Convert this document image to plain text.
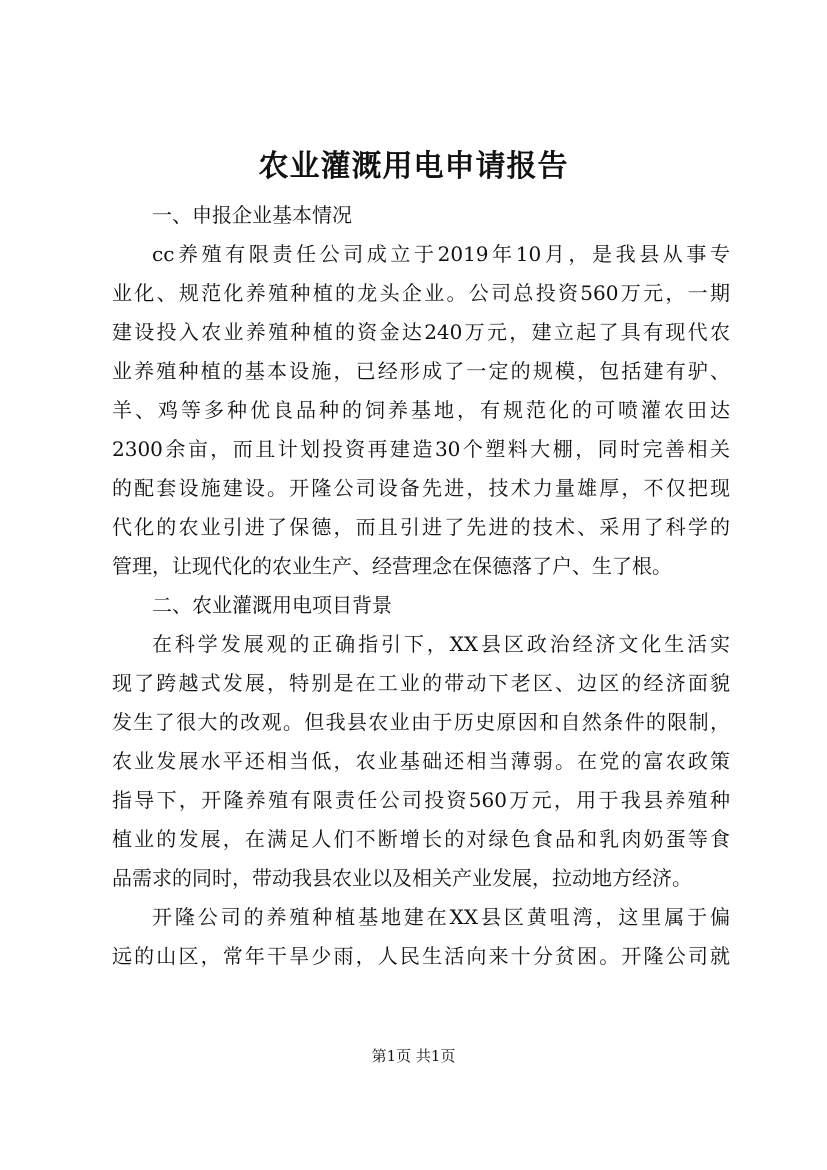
农业灌溉用电申请报告
一、申报企业基本情况
cc养殖有限责任公司成立于2019年10月，是我县从事专
业化、规范化养殖种植的龙头企业。公司总投资560万元，一期
建设投入农业养殖种植的资金达240万元，建立起了具有现代农
业养殖种植的基本设施，已经形成了一定的规模，包括建有驴、
羊、鸡等多种优良品种的饲养基地，有规范化的可喷灌农田达
2300余亩，而且计划投资再建造30个塑料大棚，同时完善相关
的配套设施建设。开隆公司设备先进，技术力量雄厚，不仅把现
代化的农业引进了保德，而且引进了先进的技术、采用了科学的
管理，让现代化的农业生产、经营理念在保德落了户、生了根。
二、农业灌溉用电项目背景
在科学发展观的正确指引下，XX县区政治经济文化生活实
现了跨越式发展，特别是在工业的带动下老区、边区的经济面貌
发生了很大的改观。但我县农业由于历史原因和自然条件的限制，
农业发展水平还相当低，农业基础还相当薄弱。在党的富农政策
指导下，开隆养殖有限责任公司投资560万元，用于我县养殖种
植业的发展，在满足人们不断增长的对绿色食品和乳肉奶蛋等食
品需求的同时，带动我县农业以及相关产业发展，拉动地方经济。
开隆公司的养殖种植基地建在XX县区黄咀湾，这里属于偏
远的山区，常年干旱少雨，人民生活向来十分贫困。开隆公司就
第1页 共1页
